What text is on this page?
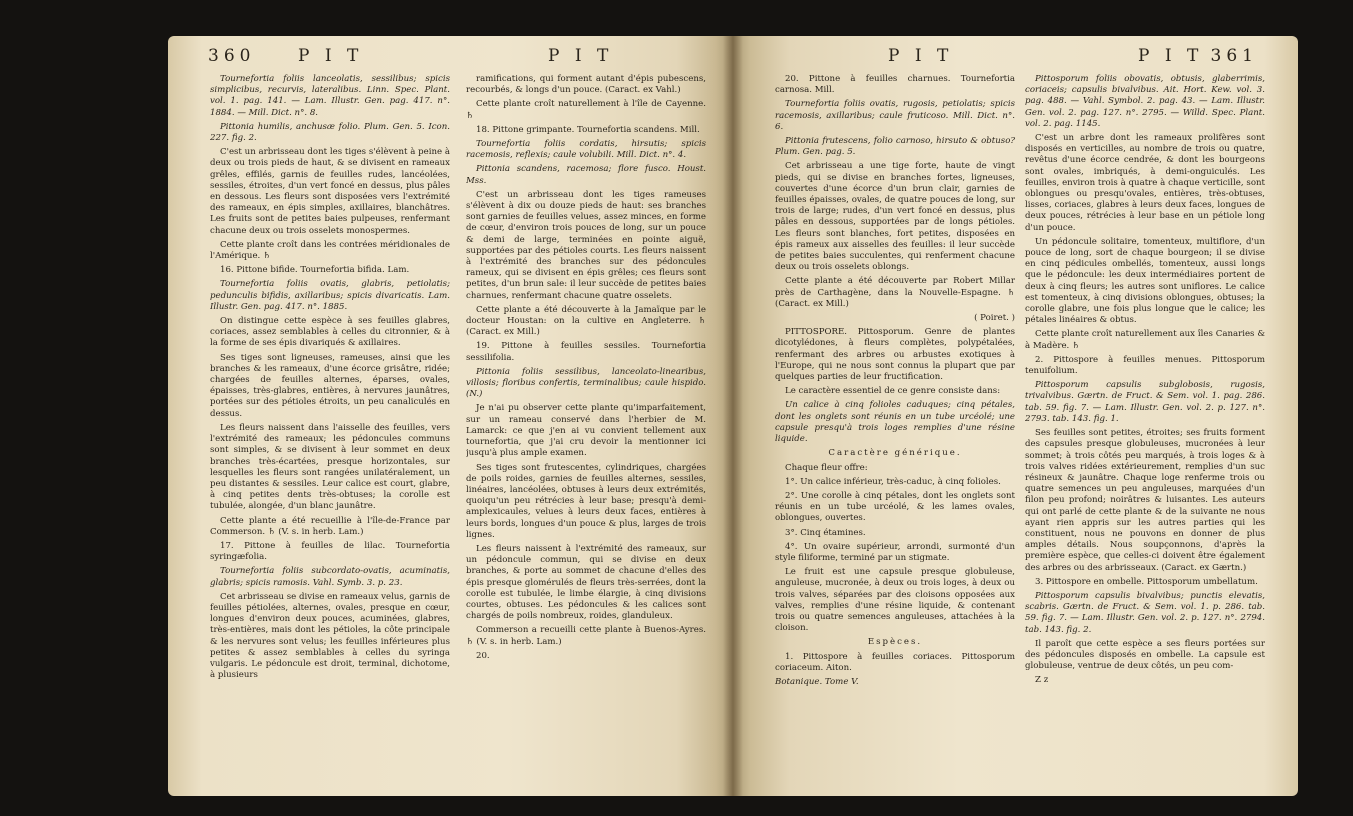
360	P I T	P I T

Tournefortia foliis lanceolatis, sessilibus; spicis simplicibus, recurvis, lateralibus. Linn. Spec. Plant. vol. 1. pag. 141. — Lam. Illustr. Gen. pag. 417. n°. 1884. — Mill. Dict. n°. 8.

Pittonia humilis, anchusæ folio. Plum. Gen. 5. Icon. 227. fig. 2.

C'est un arbrisseau dont les tiges s'élèvent à peine à deux ou trois pieds de haut, & se divisent en rameaux grêles, effilés, garnis de feuilles rudes, lancéolées, sessiles, étroites, d'un vert foncé en dessus, plus pâles en dessous. Les fleurs sont disposées vers l'extrémité des rameaux, en épis simples, axillaires, blanchâtres. Les fruits sont de petites baies pulpeuses, renfermant chacune deux ou trois osselets monospermes.

Cette plante croît dans les contrées méridionales de l'Amérique. ♄

16. Pittone bifide. Tournefortia bifida. Lam.

Tournefortia foliis ovatis, glabris, petiolatis; pedunculis bifidis, axillaribus; spicis divaricatis. Lam. Illustr. Gen. pag. 417. n°. 1885.

On distingue cette espèce à ses feuilles glabres, coriaces, assez semblables à celles du citronnier, & à la forme de ses épis divariqués & axillaires.

Ses tiges sont ligneuses, rameuses, ainsi que les branches & les rameaux, d'une écorce grisâtre, ridée; chargées de feuilles alternes, éparses, ovales, épaisses, très-glabres, entières, à nervures jaunâtres, portées sur des pétioles étroits, un peu canaliculés en dessus.

Les fleurs naissent dans l'aisselle des feuilles, vers l'extrémité des rameaux; les pédoncules communs sont simples, & se divisent à leur sommet en deux branches très-écartées, presque horizontales, sur lesquelles les fleurs sont rangées unilatéralement, un peu distantes & sessiles. Leur calice est court, glabre, à cinq petites dents très-obtuses; la corolle est tubulée, alongée, d'un blanc jaunâtre.

Cette plante a été recueillie à l'île-de-France par Commerson. ♄ (V. s. in herb. Lam.)

17. Pittone à feuilles de lilac. Tournefortia syringæfolia.

Tournefortia foliis subcordato-ovatis, acuminatis, glabris; spicis ramosis. Vahl. Symb. 3. p. 23.

Cet arbrisseau se divise en rameaux velus, garnis de feuilles pétiolées, alternes, ovales, presque en cœur, longues d'environ deux pouces, acuminées, glabres, très-entières, mais dont les pétioles, la côte principale & les nervures sont velus; les feuilles inférieures plus petites & assez semblables à celles du syringa vulgaris. Le pédoncule est droit, terminal, dichotome, à plusieurs

ramifications, qui forment autant d'épis pubescens, recourbés, & longs d'un pouce. (Caract. ex Vahl.)

Cette plante croît naturellement à l'île de Cayenne. ♄

18. Pittone grimpante. Tournefortia scandens. Mill.

Tournefortia foliis cordatis, hirsutis; spicis racemosis, reflexis; caule volubili. Mill. Dict. n°. 4.

Pittonia scandens, racemosa; flore fusco. Houst. Mss.

C'est un arbrisseau dont les tiges rameuses s'élèvent à dix ou douze pieds de haut: ses branches sont garnies de feuilles velues, assez minces, en forme de cœur, d'environ trois pouces de long, sur un pouce & demi de large, terminées en pointe aiguë, supportées par des pétioles courts. Les fleurs naissent à l'extrémité des branches sur des pédoncules rameux, qui se divisent en épis grêles; ces fleurs sont petites, d'un brun sale: il leur succède de petites baies charnues, renfermant chacune quatre osselets.

Cette plante a été découverte à la Jamaïque par le docteur Houstan: on la cultive en Angleterre. ♄ (Caract. ex Mill.)

19. Pittone à feuilles sessiles. Tournefortia sessilifolia.

Pittonia foliis sessilibus, lanceolato-linearibus, villosis; floribus confertis, terminalibus; caule hispido. (N.)

Je n'ai pu observer cette plante qu'imparfaitement, sur un rameau conservé dans l'herbier de M. Lamarck: ce que j'en ai vu convient tellement aux tournefortia, que j'ai cru devoir la mentionner ici jusqu'à plus ample examen.

Ses tiges sont frutescentes, cylindriques, chargées de poils roides, garnies de feuilles alternes, sessiles, linéaires, lancéolées, obtuses à leurs deux extrémités, quoiqu'un peu rétrécies à leur base; presqu'à demi-amplexicaules, velues à leurs deux faces, entières à leurs bords, longues d'un pouce & plus, larges de trois lignes.

Les fleurs naissent à l'extrémité des rameaux, sur un pédoncule commun, qui se divise en deux branches, & porte au sommet de chacune d'elles des épis presque glomérulés de fleurs très-serrées, dont la corolle est tubulée, le limbe élargie, à cinq divisions courtes, obtuses. Les pédoncules & les calices sont chargés de poils nombreux, roides, glanduleux.

Commerson a recueilli cette plante à Buenos-Ayres. ♄ (V. s. in herb. Lam.)

20.

P I T	P I T 361

20. Pittone à feuilles charnues. Tournefortia carnosa. Mill.

Tournefortia foliis ovatis, rugosis, petiolatis; spicis racemosis, axillaribus; caule fruticoso. Mill. Dict. n°. 6.

Pittonia frutescens, folio carnoso, hirsuto & obtuso? Plum. Gen. pag. 5.

Cet arbrisseau a une tige forte, haute de vingt pieds, qui se divise en branches fortes, ligneuses, couvertes d'une écorce d'un brun clair, garnies de feuilles épaisses, ovales, de quatre pouces de long, sur trois de large; rudes, d'un vert foncé en dessus, plus pâles en dessous, supportées par de longs pétioles. Les fleurs sont blanches, fort petites, disposées en épis rameux aux aisselles des feuilles: il leur succède de petites baies succulentes, qui renferment chacune deux ou trois osselets oblongs.

Cette plante a été découverte par Robert Millar près de Carthagène, dans la Nouvelle-Espagne. ♄ (Caract. ex Mill.)

( Poiret. )

PITTOSPORE. Pittosporum. Genre de plantes dicotylédones, à fleurs complètes, polypétalées, renfermant des arbres ou arbustes exotiques à l'Europe, qui ne nous sont connus la plupart que par quelques parties de leur fructification.

Le caractère essentiel de ce genre consiste dans:

Un calice à cinq folioles caduques; cinq pétales, dont les onglets sont réunis en un tube urcéolé; une capsule presqu'à trois loges remplies d'une résine liquide.

Caractère générique.

Chaque fleur offre:

1°. Un calice inférieur, très-caduc, à cinq folioles.

2°. Une corolle à cinq pétales, dont les onglets sont réunis en un tube urcéolé, & les lames ovales, oblongues, ouvertes.

3°. Cinq étamines.

4°. Un ovaire supérieur, arrondi, surmonté d'un style filiforme, terminé par un stigmate.

Le fruit est une capsule presque globuleuse, anguleuse, mucronée, à deux ou trois loges, à deux ou trois valves, séparées par des cloisons opposées aux valves, remplies d'une résine liquide, & contenant trois ou quatre semences anguleuses, attachées à la cloison.

Espèces.

1. Pittospore à feuilles coriaces. Pittosporum coriaceum. Aiton.

Botanique. Tome V.

Pittosporum foliis obovatis, obtusis, glaberrimis, coriaceis; capsulis bivalvibus. Ait. Hort. Kew. vol. 3. pag. 488. — Vahl. Symbol. 2. pag. 43. — Lam. Illustr. Gen. vol. 2. pag. 127. n°. 2795. — Willd. Spec. Plant. vol. 2. pag. 1145.

C'est un arbre dont les rameaux prolifères sont disposés en verticilles, au nombre de trois ou quatre, revêtus d'une écorce cendrée, & dont les bourgeons sont ovales, imbriqués, à demi-onguiculés. Les feuilles, environ trois à quatre à chaque verticille, sont oblongues ou presqu'ovales, entières, très-obtuses, lisses, coriaces, glabres à leurs deux faces, longues de deux pouces, rétrécies à leur base en un pétiole long d'un pouce.

Un pédoncule solitaire, tomenteux, multiflore, d'un pouce de long, sort de chaque bourgeon; il se divise en cinq pédicules ombellés, tomenteux, aussi longs que le pédoncule: les deux intermédiaires portent de deux à cinq fleurs; les autres sont uniflores. Le calice est tomenteux, à cinq divisions oblongues, obtuses; la corolle glabre, une fois plus longue que le calice; les pétales linéaires & obtus.

Cette plante croît naturellement aux îles Canaries & à Madère. ♄

2. Pittospore à feuilles menues. Pittosporum tenuifolium.

Pittosporum capsulis subglobosis, rugosis, trivalvibus. Gærtn. de Fruct. & Sem. vol. 1. pag. 286. tab. 59. fig. 7. — Lam. Illustr. Gen. vol. 2. p. 127. n°. 2793. tab. 143. fig. 1.

Ses feuilles sont petites, étroites; ses fruits forment des capsules presque globuleuses, mucronées à leur sommet; à trois côtés peu marqués, à trois loges & à trois valves ridées extérieurement, remplies d'un suc résineux & jaunâtre. Chaque loge renferme trois ou quatre semences un peu anguleuses, marquées d'un filon peu profond; noirâtres & luisantes. Les auteurs qui ont parlé de cette plante & de la suivante ne nous ayant rien appris sur les autres parties qui les constituent, nous ne pouvons en donner de plus amples détails. Nous soupçonnons, d'après la première espèce, que celles-ci doivent être également des arbres ou des arbrisseaux. (Caract. ex Gærtn.)

3. Pittospore en ombelle. Pittosporum umbellatum.

Pittosporum capsulis bivalvibus; punctis elevatis, scabris. Gærtn. de Fruct. & Sem. vol. 1. p. 286. tab. 59. fig. 7. — Lam. Illustr. Gen. vol. 2. p. 127. n°. 2794. tab. 143. fig. 2.

Il paroît que cette espèce a ses fleurs portées sur des pédoncules disposés en ombelle. La capsule est globuleuse, ventrue de deux côtés, un peu com-

Z z
